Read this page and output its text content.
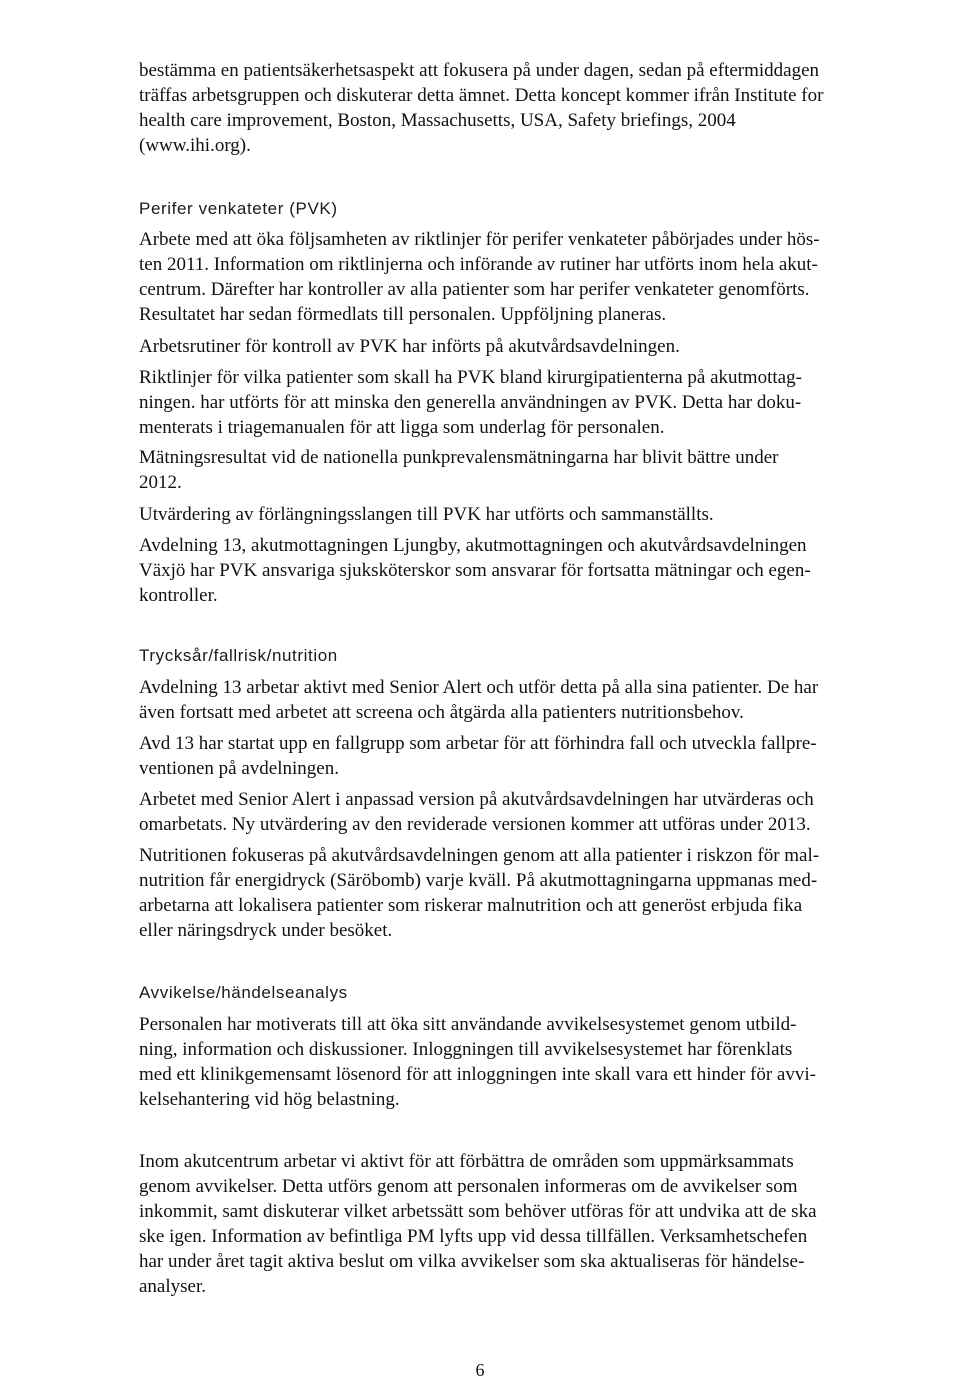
bestämma en patientsäkerhetsaspekt att fokusera på under dagen, sedan på eftermiddagen
träffas arbetsgruppen och diskuterar detta ämnet. Detta koncept kommer ifrån Institute for
health care improvement, Boston, Massachusetts, USA, Safety briefings, 2004
(www.ihi.org).

Perifer venkateter (PVK)

Arbete med att öka följsamheten av riktlinjer för perifer venkateter påbörjades under hös-
ten 2011. Information om riktlinjerna och införande av rutiner har utförts inom hela akut-
centrum. Därefter har kontroller av alla patienter som har perifer venkateter genomförts.
Resultatet har sedan förmedlats till personalen. Uppföljning planeras.

Arbetsrutiner för kontroll av PVK har införts på akutvårdsavdelningen.

Riktlinjer för vilka patienter som skall ha PVK bland kirurgipatienterna på akutmottag-
ningen. har utförts för att minska den generella användningen av PVK. Detta har doku-
menterats i triagemanualen för att ligga som underlag för personalen.

Mätningsresultat vid de nationella punkprevalensmätningarna har blivit bättre under
2012.

Utvärdering av förlängningsslangen till PVK har utförts och sammanställts.

Avdelning 13, akutmottagningen Ljungby, akutmottagningen och akutvårdsavdelningen
Växjö har PVK ansvariga sjuksköterskor som ansvarar för fortsatta mätningar och egen-
kontroller.

Trycksår/fallrisk/nutrition

Avdelning 13 arbetar aktivt med Senior Alert och utför detta på alla sina patienter. De har
även fortsatt med arbetet att screena och åtgärda alla patienters nutritionsbehov.

Avd 13 har startat upp en fallgrupp som arbetar för att förhindra fall och utveckla fallpre-
ventionen på avdelningen.

Arbetet med Senior Alert i anpassad version på akutvårdsavdelningen har utvärderas och
omarbetats. Ny utvärdering av den reviderade versionen kommer att utföras under 2013.

Nutritionen fokuseras på akutvårdsavdelningen genom att alla patienter i riskzon för mal-
nutrition får energidryck (Säröbomb) varje kväll. På akutmottagningarna uppmanas med-
arbetarna att lokalisera patienter som riskerar malnutrition och att generöst erbjuda fika
eller näringsdryck under besöket.

Avvikelse/händelseanalys

Personalen har motiverats till att öka sitt användande avvikelsesystemet genom utbild-
ning, information och diskussioner. Inloggningen till avvikelsesystemet har förenklats
med ett klinikgemensamt lösenord för att inloggningen inte skall vara ett hinder för avvi-
kelsehantering vid hög belastning.

Inom akutcentrum arbetar vi aktivt för att förbättra de områden som uppmärksammats
genom avvikelser. Detta utförs genom att personalen informeras om de avvikelser som
inkommit, samt diskuterar vilket arbetssätt som behöver utföras för att undvika att de ska
ske igen. Information av befintliga PM lyfts upp vid dessa tillfällen. Verksamhetschefen
har under året tagit aktiva beslut om vilka avvikelser som ska aktualiseras för händelse-
analyser.

6
